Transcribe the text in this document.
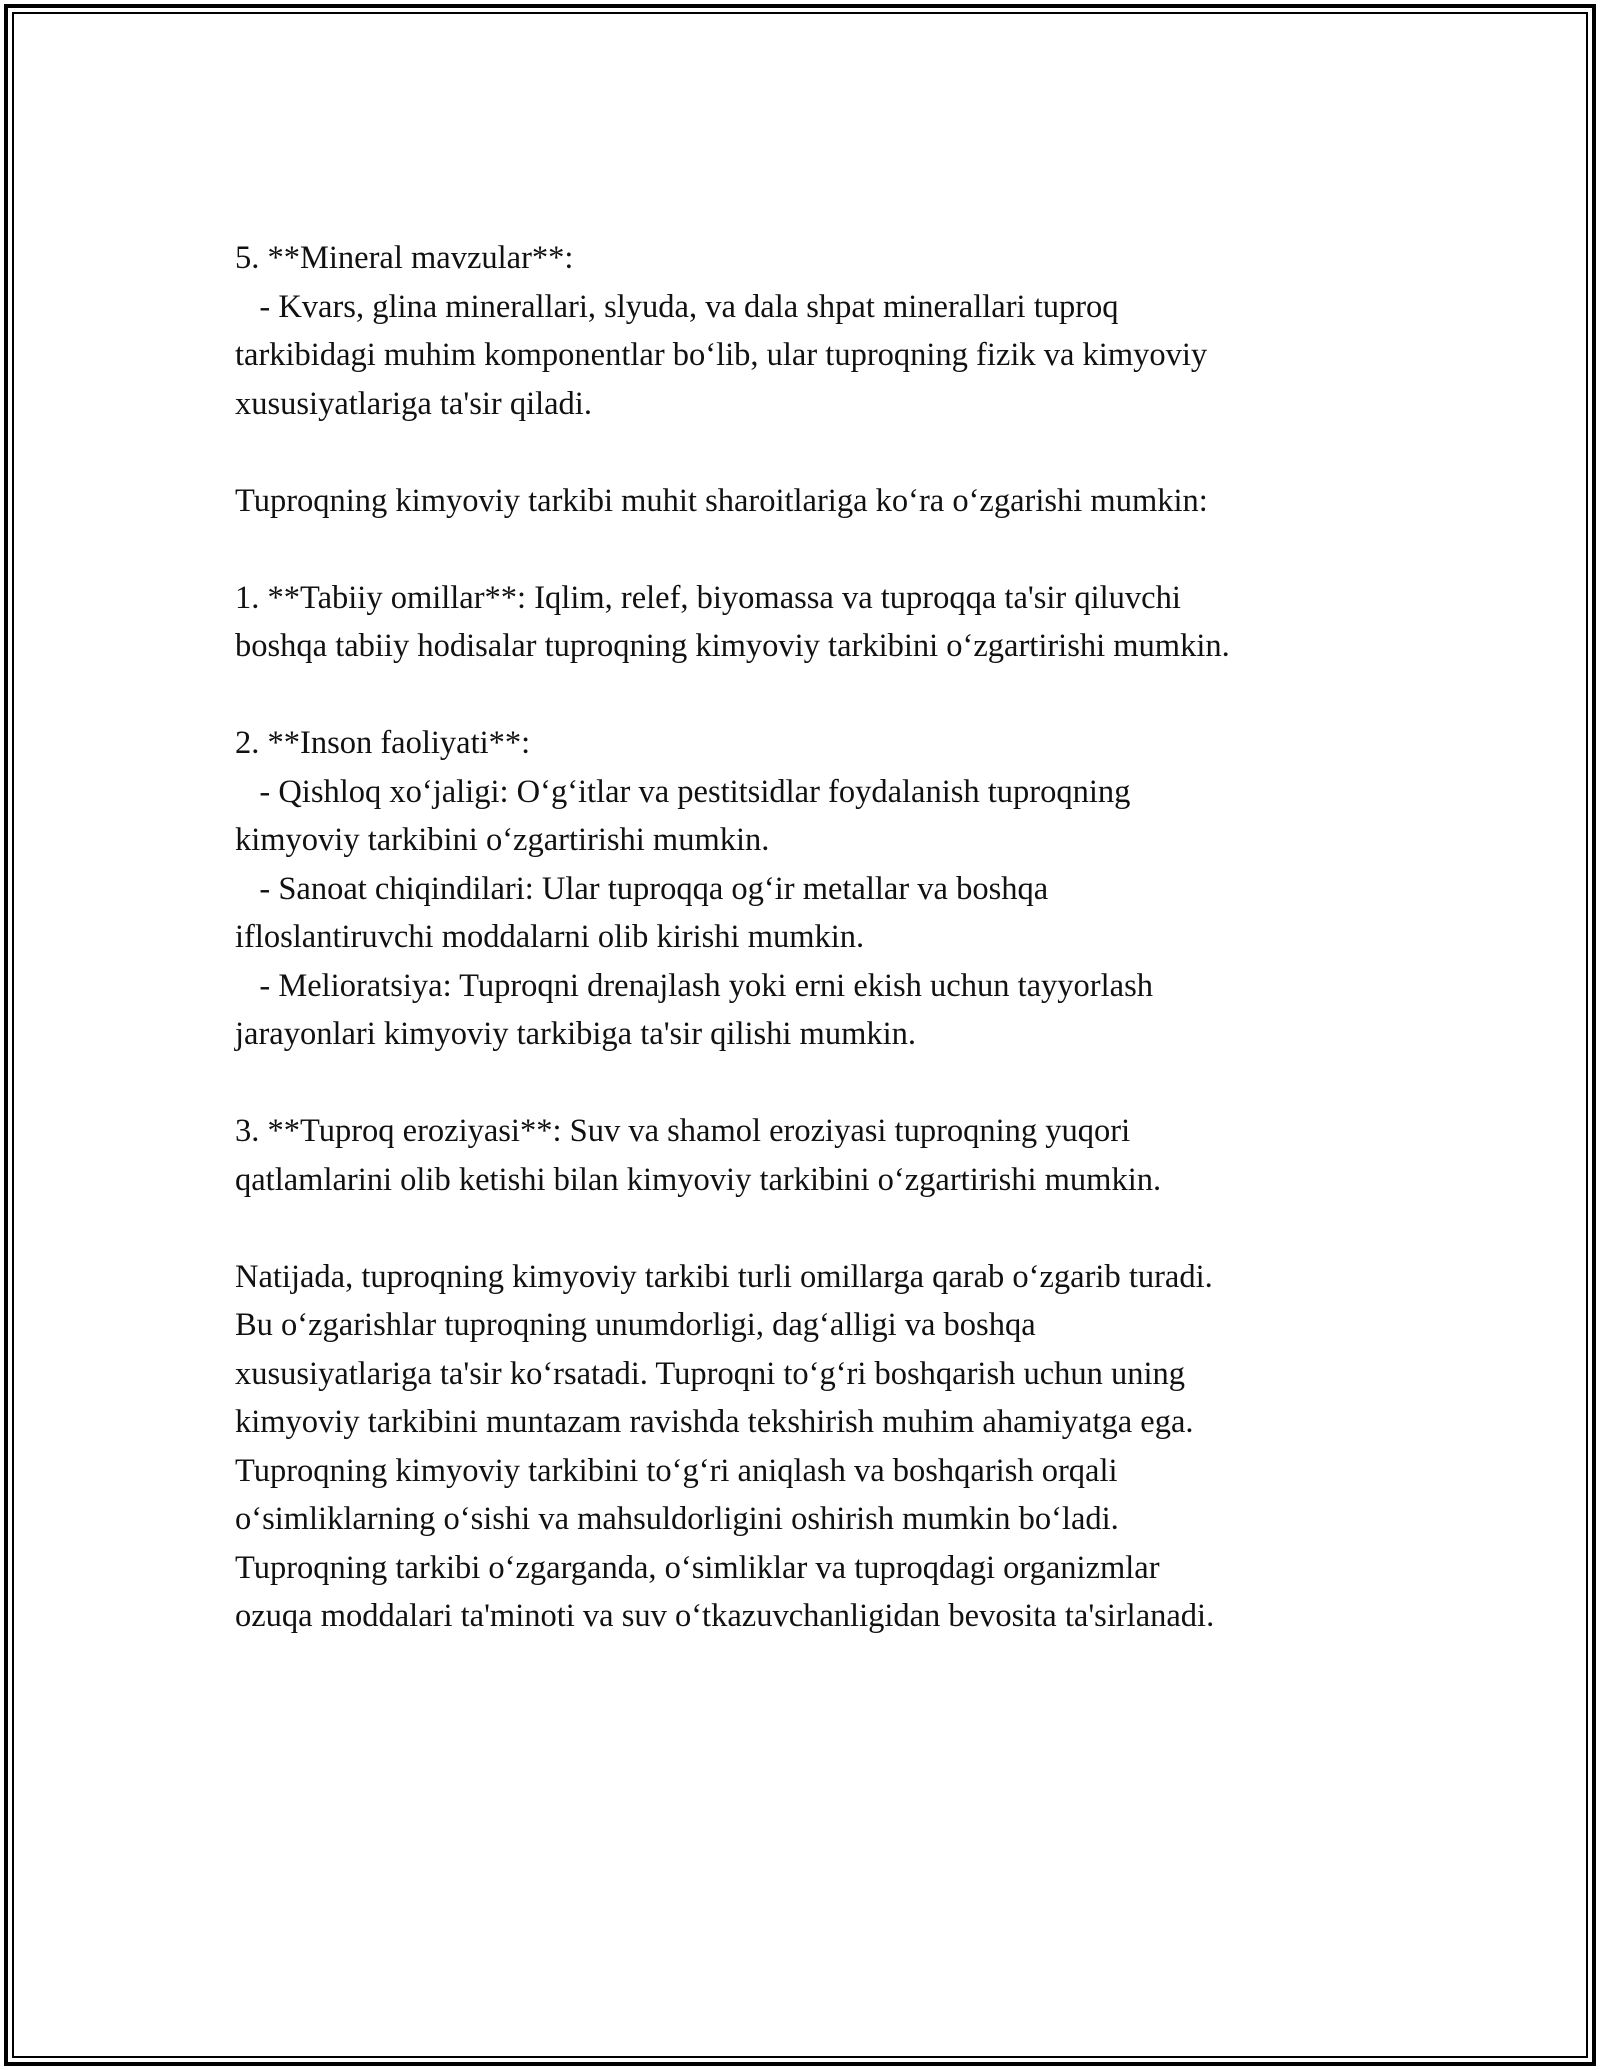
5. **Mineral mavzular**:
- Kvars, glina minerallari, slyuda, va dala shpat minerallari tuproq
tarkibidagi muhim komponentlar bo‘lib, ular tuproqning fizik va kimyoviy
xususiyatlariga ta'sir qiladi.
Tuproqning kimyoviy tarkibi muhit sharoitlariga ko‘ra o‘zgarishi mumkin:
1. **Tabiiy omillar**: Iqlim, relef, biyomassa va tuproqqa ta'sir qiluvchi
boshqa tabiiy hodisalar tuproqning kimyoviy tarkibini o‘zgartirishi mumkin.
2. **Inson faoliyati**:
- Qishloq xo‘jaligi: O‘g‘itlar va pestitsidlar foydalanish tuproqning
kimyoviy tarkibini o‘zgartirishi mumkin.
- Sanoat chiqindilari: Ular tuproqqa og‘ir metallar va boshqa
ifloslantiruvchi moddalarni olib kirishi mumkin.
- Melioratsiya: Tuproqni drenajlash yoki erni ekish uchun tayyorlash
jarayonlari kimyoviy tarkibiga ta'sir qilishi mumkin.
3. **Tuproq eroziyasi**: Suv va shamol eroziyasi tuproqning yuqori
qatlamlarini olib ketishi bilan kimyoviy tarkibini o‘zgartirishi mumkin.
Natijada, tuproqning kimyoviy tarkibi turli omillarga qarab o‘zgarib turadi.
Bu o‘zgarishlar tuproqning unumdorligi, dag‘alligi va boshqa
xususiyatlariga ta'sir ko‘rsatadi. Tuproqni to‘g‘ri boshqarish uchun uning
kimyoviy tarkibini muntazam ravishda tekshirish muhim ahamiyatga ega.
Tuproqning kimyoviy tarkibini to‘g‘ri aniqlash va boshqarish orqali
o‘simliklarning o‘sishi va mahsuldorligini oshirish mumkin bo‘ladi.
Tuproqning tarkibi o‘zgarganda, o‘simliklar va tuproqdagi organizmlar
ozuqa moddalari ta'minoti va suv o‘tkazuvchanligidan bevosita ta'sirlanadi.
